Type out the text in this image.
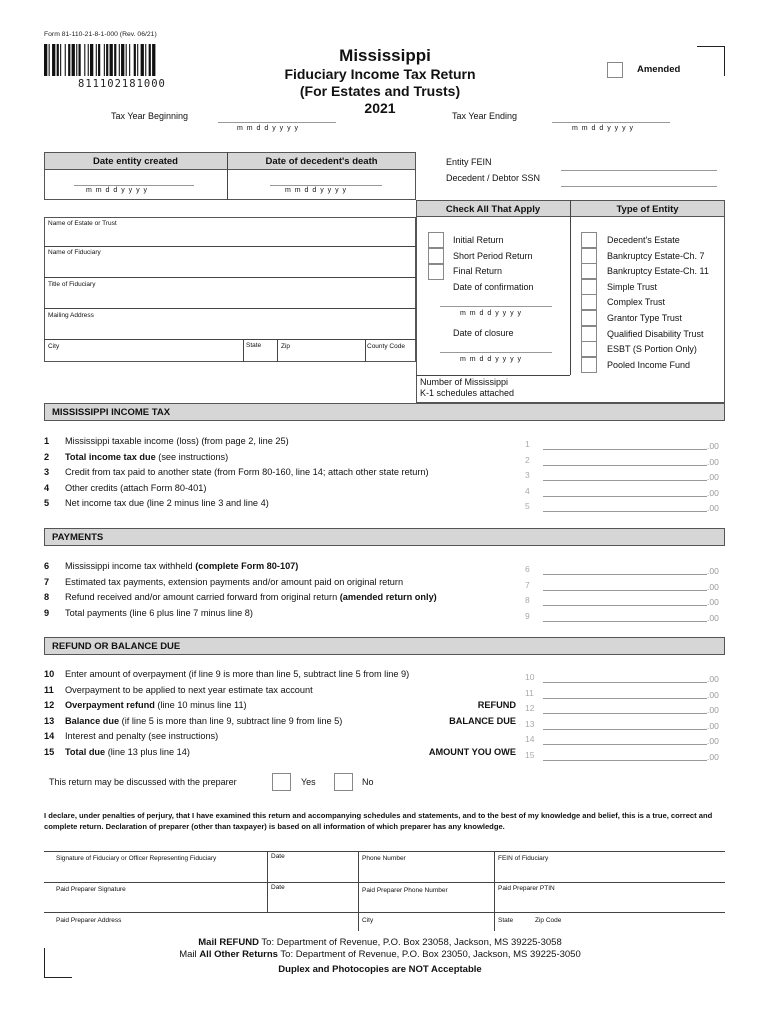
Form 81-110-21-8-1-000 (Rev. 06/21)
811102181000
Mississippi
Fiduciary Income Tax Return
(For Estates and Trusts)
2021
Amended
Tax Year Beginning
m m d d y y y y
Tax Year Ending
m m d d y y y y
Date entity created	Date of decedent's death
m m d d y y y y	m m d d y y y y
Entity FEIN
Decedent / Debtor SSN
Name of Estate or Trust
Name of Fiduciary
Title of Fiduciary
Mailing Address
City	State	Zip	County Code
Check All That Apply	Type of Entity
Initial Return
Short Period Return
Final Return
Date of confirmation
m m d d y y y y
Date of closure
m m d d y y y y
Decedent's Estate
Bankruptcy Estate-Ch. 7
Bankruptcy Estate-Ch. 11
Simple Trust
Complex Trust
Grantor Type Trust
Qualified Disability Trust
ESBT (S Portion Only)
Pooled Income Fund
Number of Mississippi
K-1 schedules attached
MISSISSIPPI INCOME TAX
PAYMENTS
REFUND OR BALANCE DUE
1 Mississippi taxable income (loss) (from page 2, line 25)	1	.00
2 Total income tax due (see instructions)	2	.00
3 Credit from tax paid to another state (from Form 80-160, line 14; attach other state return)	3	.00
4 Other credits (attach Form 80-401)	4	.00
5 Net income tax due (line 2 minus line 3 and line 4)	5	.00
6 Mississippi income tax withheld (complete Form 80-107)	6	.00
7 Estimated tax payments, extension payments and/or amount paid on original return	7	.00
8 Refund received and/or amount carried forward from original return (amended return only)	8	.00
9 Total payments (line 6 plus line 7 minus line 8)	9	.00
10 Enter amount of overpayment (if line 9 is more than line 5, subtract line 5 from line 9)	10	.00
11 Overpayment to be applied to next year estimate tax account	11	.00
12 Overpayment refund (line 10 minus line 11)	REFUND 12	.00
13 Balance due (if line 5 is more than line 9, subtract line 9 from line 5)	BALANCE DUE 13	.00
14 Interest and penalty (see instructions)	14	.00
15 Total due (line 13 plus line 14)	AMOUNT YOU OWE 15	.00
This return may be discussed with the preparer	Yes	No
I declare, under penalties of perjury, that I have examined this return and accompanying schedules and statements, and to the best of my knowledge and belief, this is a true, correct and complete return. Declaration of preparer (other than taxpayer) is based on all information of which preparer has any knowledge.
Signature of Fiduciary or Officer Representing Fiduciary	Date	Phone Number	FEIN of Fiduciary
Paid Preparer Signature	Date	Paid Preparer Phone Number	Paid Preparer PTIN
Paid Preparer Address	City	State	Zip Code
Mail REFUND To: Department of Revenue, P.O. Box 23058, Jackson, MS 39225-3058
Mail All Other Returns To: Department of Revenue, P.O. Box 23050, Jackson, MS 39225-3050
Duplex and Photocopies are NOT Acceptable
